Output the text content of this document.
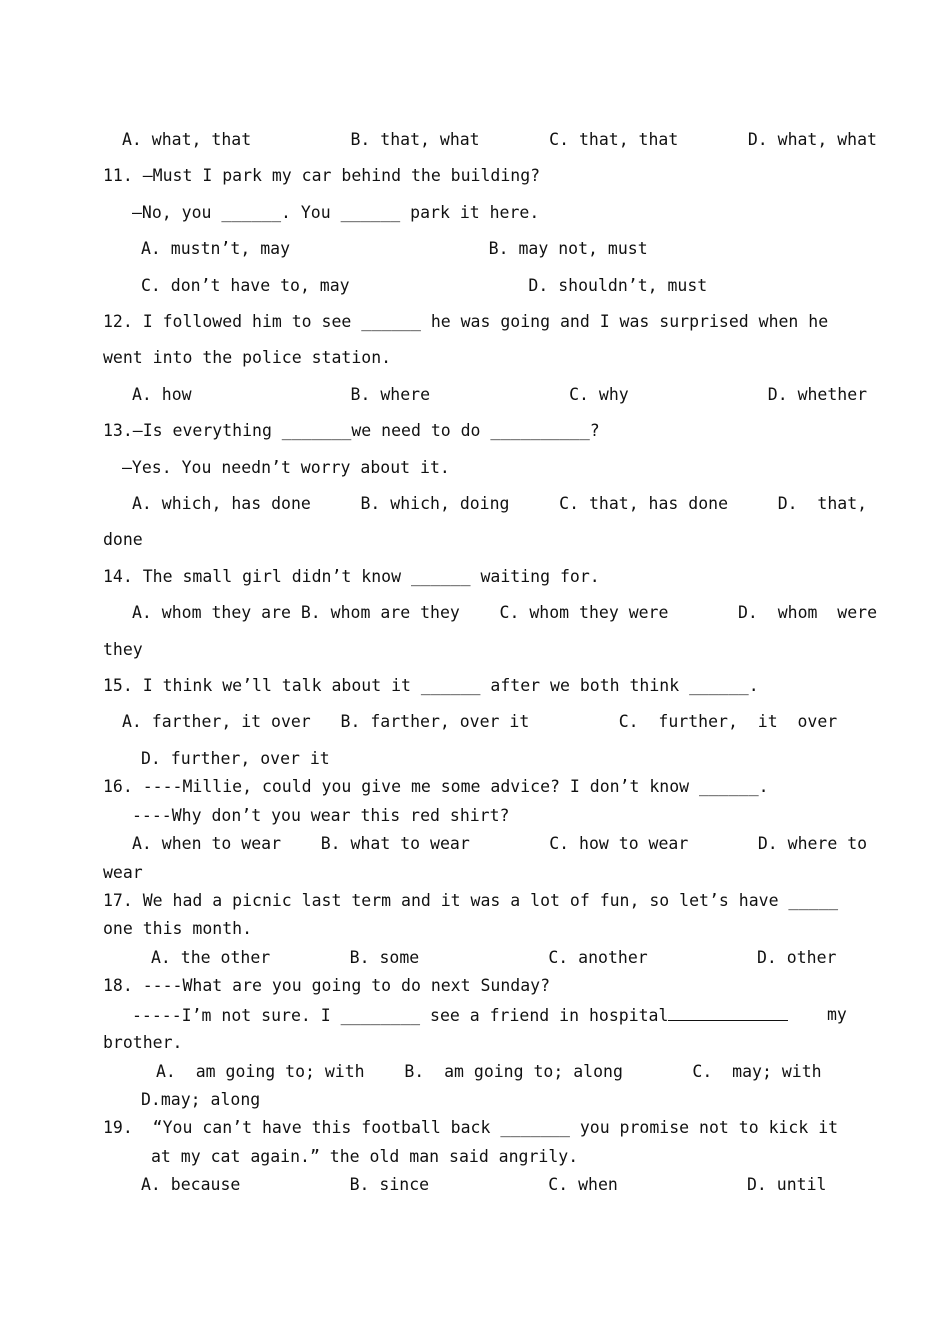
A. what, that          B. that, what       C. that, that       D. what, what
11. —Must I park my car behind the building?
—No, you ______. You ______ park it here.
A. mustn’t, may                    B. may not, must
C. don’t have to, may                  D. shouldn’t, must
12. I followed him to see ______ he was going and I was surprised when he
went into the police station.
A. how                B. where              C. why              D. whether
13.—Is everything _______we need to do __________?
—Yes. You needn’t worry about it.
A. which, has done     B. which, doing     C. that, has done     D.  that,
done
14. The small girl didn’t know ______ waiting for.
A. whom they are B. whom are they    C. whom they were       D.  whom  were
they
15. I think we’ll talk about it ______ after we both think ______.
A. farther, it over   B. farther, over it         C.  further,  it  over
D. further, over it
16. ----Millie, could you give me some advice? I don’t know ______.
----Why don’t you wear this red shirt?
A. when to wear    B. what to wear        C. how to wear       D. where to
wear
17. We had a picnic last term and it was a lot of fun, so let’s have _____
one this month.
A. the other        B. some             C. another           D. other
18. ----What are you going to do next Sunday?
-----I’m not sure. I ________ see a friend in hospital	my
brother.
A.  am going to; with    B.  am going to; along       C.  may; with
D.may; along
19.  “You can’t have this football back _______ you promise not to kick it
at my cat again.” the old man said angrily.
A. because           B. since            C. when             D. until
